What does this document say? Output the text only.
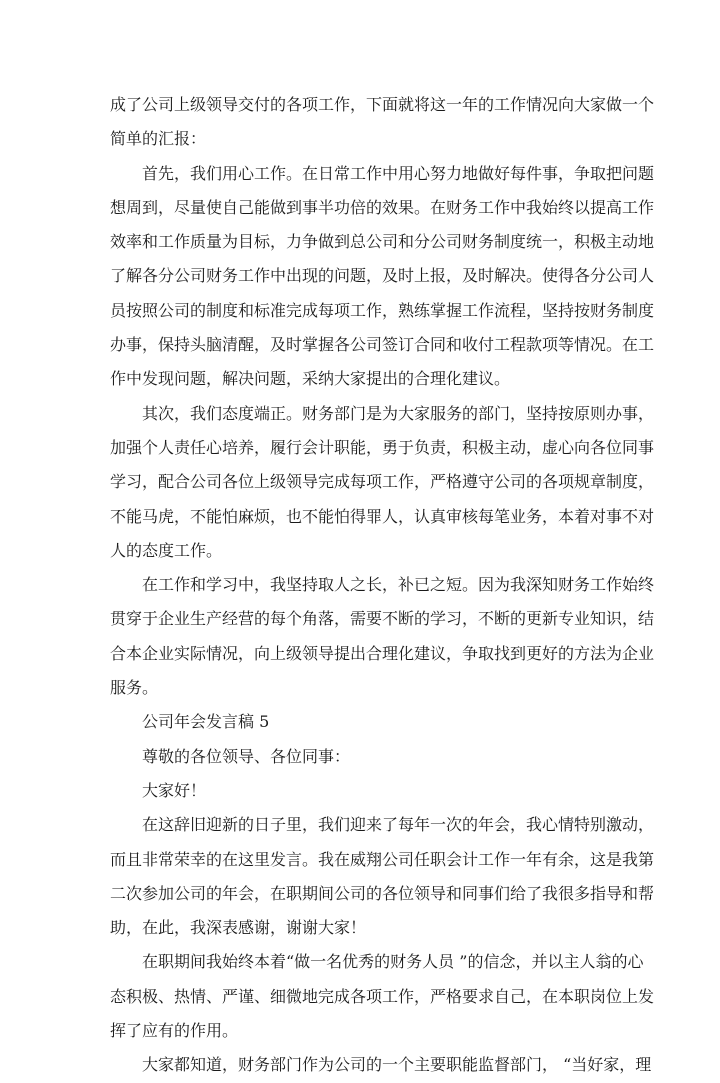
成了公司上级领导交付的各项工作，下面就将这一年的工作情况向大家做一个
简单的汇报：
首先，我们用心工作。在日常工作中用心努力地做好每件事，争取把问题
想周到，尽量使自己能做到事半功倍的效果。在财务工作中我始终以提高工作
效率和工作质量为目标，力争做到总公司和分公司财务制度统一，积极主动地
了解各分公司财务工作中出现的问题，及时上报，及时解决。使得各分公司人
员按照公司的制度和标准完成每项工作，熟练掌握工作流程，坚持按财务制度
办事，保持头脑清醒，及时掌握各公司签订合同和收付工程款项等情况。在工
作中发现问题，解决问题，采纳大家提出的合理化建议。
其次，我们态度端正。财务部门是为大家服务的部门，坚持按原则办事，
加强个人责任心培养，履行会计职能，勇于负责，积极主动，虚心向各位同事
学习，配合公司各位上级领导完成每项工作，严格遵守公司的各项规章制度，
不能马虎，不能怕麻烦，也不能怕得罪人，认真审核每笔业务，本着对事不对
人的态度工作。
在工作和学习中，我坚持取人之长，补已之短。因为我深知财务工作始终
贯穿于企业生产经营的每个角落，需要不断的学习，不断的更新专业知识，结
合本企业实际情况，向上级领导提出合理化建议，争取找到更好的方法为企业
服务。
公司年会发言稿 5
尊敬的各位领导、各位同事：
大家好！
在这辞旧迎新的日子里，我们迎来了每年一次的年会，我心情特别激动，
而且非常荣幸的在这里发言。我在威翔公司任职会计工作一年有余，这是我第
二次参加公司的年会，在职期间公司的各位领导和同事们给了我很多指导和帮
助，在此，我深表感谢，谢谢大家！
在职期间我始终本着“做一名优秀的财务人员 ”的信念，并以主人翁的心
态积极、热情、严谨、细微地完成各项工作，严格要求自己，在本职岗位上发
挥了应有的作用。
大家都知道，财务部门作为公司的一个主要职能监督部门， “当好家，理
